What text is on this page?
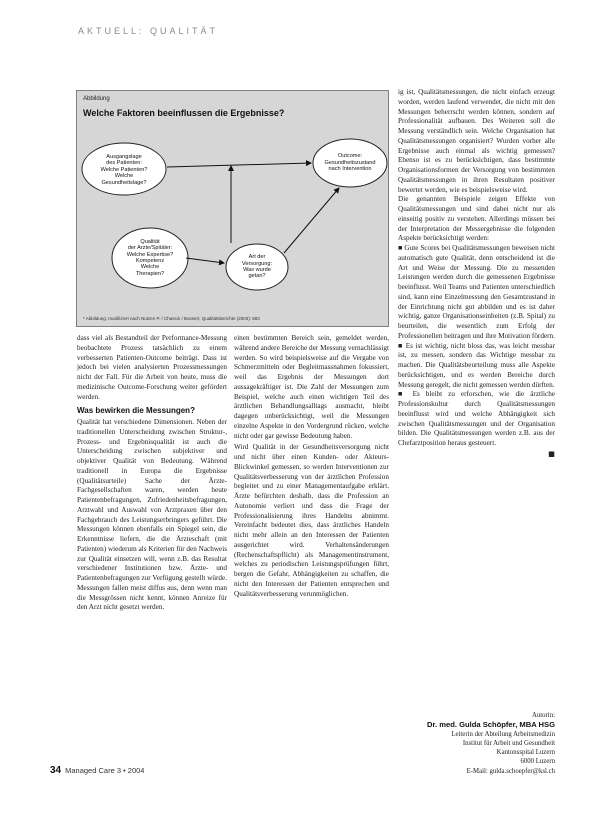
AKTUELL: QUALITÄT
Abbildung
Welche Faktoren beeinflussen die Ergebnisse?
Ausgangslage
des Patienten:
Welche Patienten?
Welche
Gesundheitslage?
Outcome:
Gesundheitszustand
nach Intervention
Qualität
der Arzte/Spitäler:
Welche Expertise?
Kompetenz
Welche
Therapien?
Art der
Versorgung:
Was wurde
getan?
* Abbildung: modifiziert nach Nutzen P. / Chassin / Bossert, Qualitätsberichte (2003): 683

dass viel als Bestandteil der Performance-Messung beobachtete Prozess tatsächlich zu einem verbesserten Patienten-Outcome beiträgt. Dass ist jedoch bei vielen analysierten Prozessmessungen nicht der Fall. Für die Arbeit von heute, muss die medizinische Outcome-Forschung weiter gefördert werden.

Was bewirken die Messungen?

Qualität hat verschiedene Dimensionen. Neben der traditionellen Unterscheidung zwischen Struktur-, Prozess- und Ergebnisqualität ist auch die Unterscheidung zwischen subjektiver und objektiver Qualität von Bedeutung. Während traditionell in Europa die Ergebnisse (Qualitätsurteile) Sache der Ärzte-Fachgesellschaften waren, werden heute Patientenbefragungen, Zufriedenheitsbefragungen, Arztwahl und Auswahl von Arztpraxen über den Fachgebrauch des Leistungserbringers geführt. Die Messungen können ebenfalls ein Spiegel sein, die Erkenntnisse liefern, die die Ärzteschaft (mit Patienten) wiederum als Kriterien für den Nachweis zur Qualität einsetzen will, wenn z.B. das Resultat verschiedener Institutionen bzw. Ärzte- und Patientenbefragungen zur Verfügung gestellt würde. Messungen fallen meist diffus aus, denn wenn man die Messgrössen nicht kennt, können Anreize für den Arzt nicht gesetzt werden.

einen bestimmten Bereich sein, gemeldet werden, während andere Bereiche der Messung vernachlässigt werden. So wird beispielsweise auf die Vergabe von Schmerzmitteln oder Begleitmassnahmen fokussiert, weil das Ergebnis der Messungen dort aussagekräftiger ist. Die Zahl der Messungen zum Beispiel, welche auch einen wichtigen Teil des ärztlichen Behandlungsalltags ausmacht, bleibt dagegen unberücksichtigt, weil die Messungen einzelne Aspekte in den Vordergrund rücken, welche nicht oder gar gewisse Bedeutung haben.

Wird Qualität in der Gesundheitsversorgung nicht und nicht über einen Kunden- oder Akteurs-Blickwinkel gemessen, so werden Interventionen zur Qualitätsverbesserung von der ärztlichen Profession begleitet und zu einer Managementaufgabe erklärt. Ärzte befürchten deshalb, dass die Profession an Autonomie verliert und dass die Frage der Professionalisierung ihres Handelns abnimmt. Vereinfacht bedeutet dies, dass ärztliches Handeln nicht mehr allein an den Interessen der Patienten ausgerichtet wird. Verhaltensänderungen (Rechenschaftspflicht) als Managementinstrument, welches zu periodischen Leistungsprüfungen führt, bergen die Gefahr, Abhängigkeiten zu schaffen, die nicht den Interessen der Patienten entsprechen und Qualitätsverbesserung verunmöglichen.

ig ist, Qualitätsmessungen, die nicht einfach erzeugt worden, werden laufend verwendet, die nicht mit den Messungen beherrscht werden können, sondern auf Professionalität aufbauen. Des Weiteren soll die Messung verständlich sein. Welche Organisation hat Qualitätsmessungen organisiert? Wurden vorher alle Ergebnisse auch einmal als wichtig gemessen? Ebenso ist es zu berücksichtigen, dass bestimmte Organisationsformen der Versorgung von bestimmten Qualitätsmessungen in ihren Resultaten positiver bewertet werden, wie es beispielsweise wird.

Die genannten Beispiele zeigen Effekte von Qualitätsmessungen und sind dabei nicht nur als einseitig positiv zu verstehen. Allerdings müssen bei der Interpretation der Messergebnisse die folgenden Aspekte berücksichtigt werden:

■ Gute Scores bei Qualitätsmessungen beweisen nicht automatisch gute Qualität, denn entscheidend ist die Art und Weise der Messung. Die zu messenden Leistungen werden durch die gemessenen Ergebnisse beeinflusst. Weil Teams und Patienten unterschiedlich sind, kann eine Einzelmessung den Gesamtzustand in der Einrichtung nicht gut abbilden und es ist daher wichtig, ganze Organisationseinheiten (z.B. Spital) zu beurteilen, die wesentlich zum Erfolg der Professionellen beitragen und ihre Motivation fördern.

■ Es ist wichtig, nicht bloss das, was leicht messbar ist, zu messen, sondern das Wichtige messbar zu machen. Die Qualitätsbeurteilung muss alle Aspekte berücksichtigen, und es werden Bereiche durch Messung geregelt, die nicht gemessen werden dürften.

■ Es bleibt zu erforschen, wie die ärztliche Professionskultur durch Qualitätsmessungen beeinflusst wird und welche Abhängigkeit sich zwischen Qualitätsmessungen und der Organisation bilden. Die Qualitätsmessungen werden z.B. aus der Chefarztposition heraus gesteuert.

■

Autorin:
Dr. med. Gulda Schöpfer, MBA HSG
Leiterin der Abteilung Arbeitsmedizin
Institut für Arbeit und Gesundheit
Kantonsspital Luzern
6000 Luzern
E-Mail: gulda.schoepfer@ksl.ch
34 Managed Care 3 • 2004
